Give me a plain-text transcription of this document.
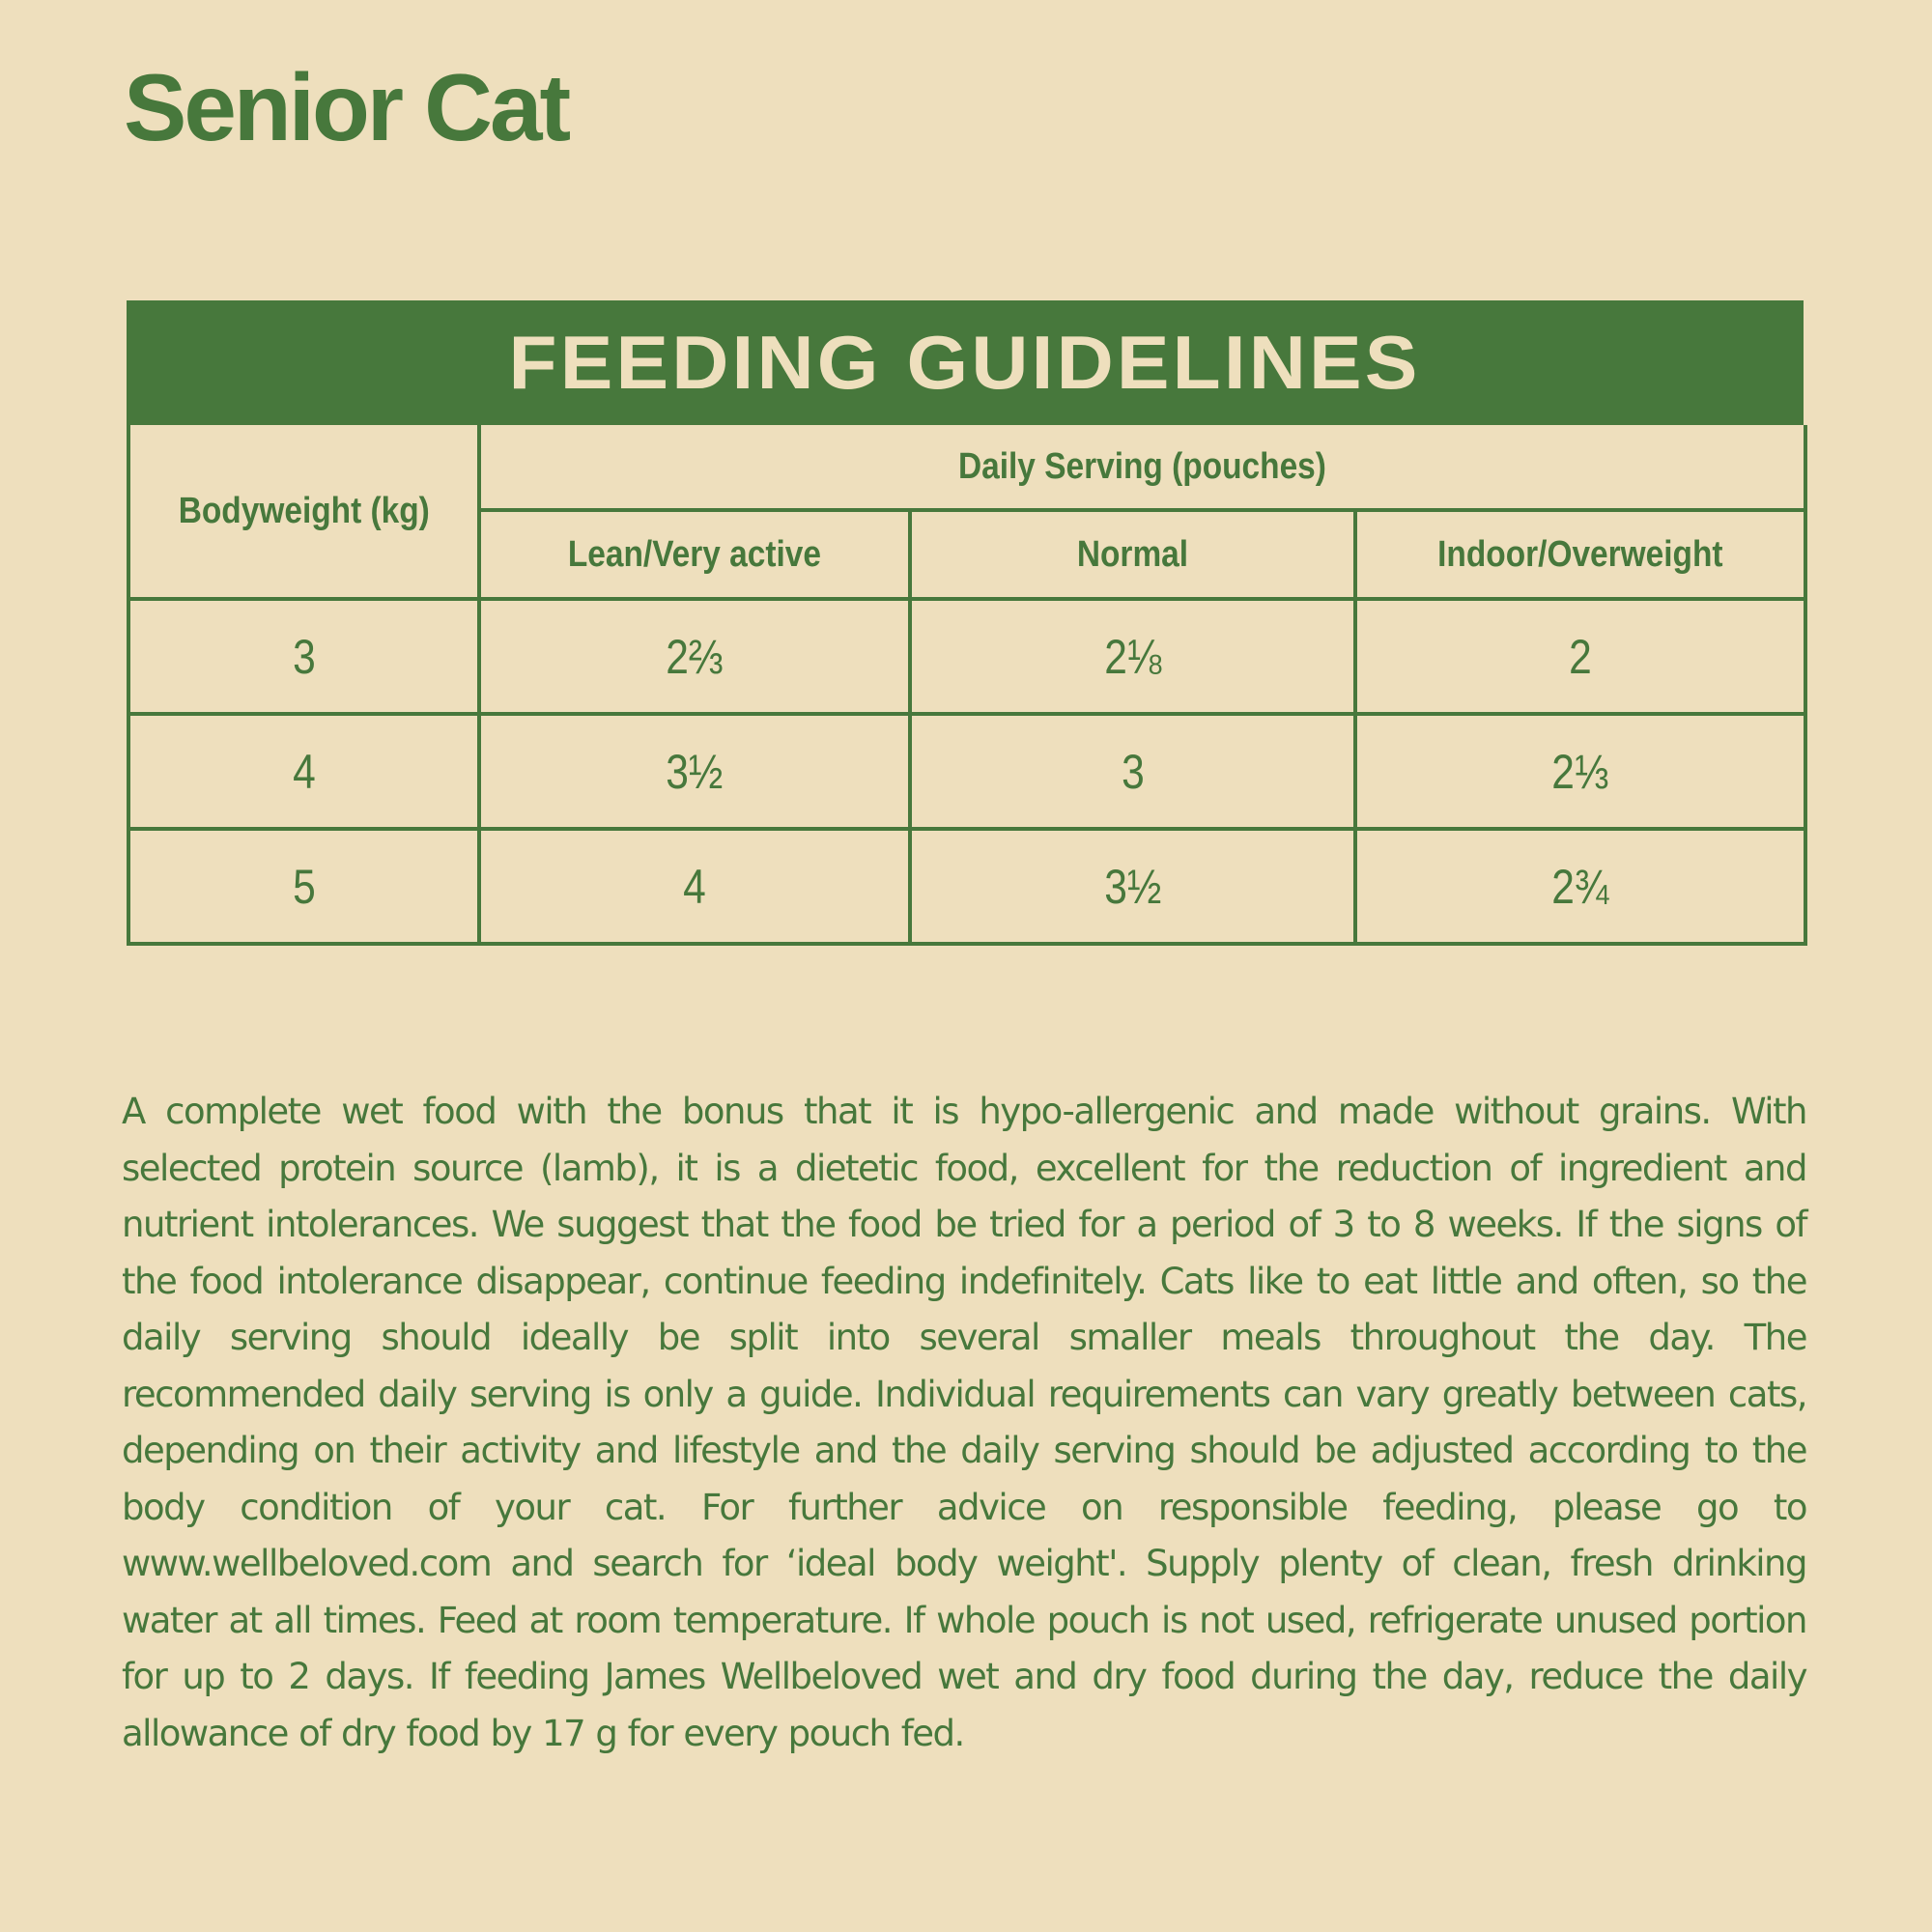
Senior Cat
FEEDING GUIDELINES
Bodyweight (kg)	Daily Serving (pouches)		
	Lean/Very active	Normal	Indoor/Overweight
3	2⅔	2⅛	2
4	3½	3	2⅓
5	4	3½	2¾

A complete wet food with the bonus that it is hypo-allergenic and made without grains. With selected protein source (lamb), it is a dietetic food, excellent for the reduction of ingredient and nutrient intolerances. We suggest that the food be tried for a period of 3 to 8 weeks. If the signs of the food intolerance disappear, continue feeding indefinitely. Cats like to eat little and often, so the daily serving should ideally be split into several smaller meals throughout the day. The recommended daily serving is only a guide. Individual requirements can vary greatly between cats, depending on their activity and lifestyle and the daily serving should be adjusted according to the body condition of your cat. For further advice on responsible feeding, please go to www.wellbeloved.com and search for ‘ideal body weight'. Supply plenty of clean, fresh drinking water at all times. Feed at room temperature. If whole pouch is not used, refrigerate unused portion for up to 2 days. If feeding James Wellbeloved wet and dry food during the day, reduce the daily allowance of dry food by 17 g for every pouch fed.
